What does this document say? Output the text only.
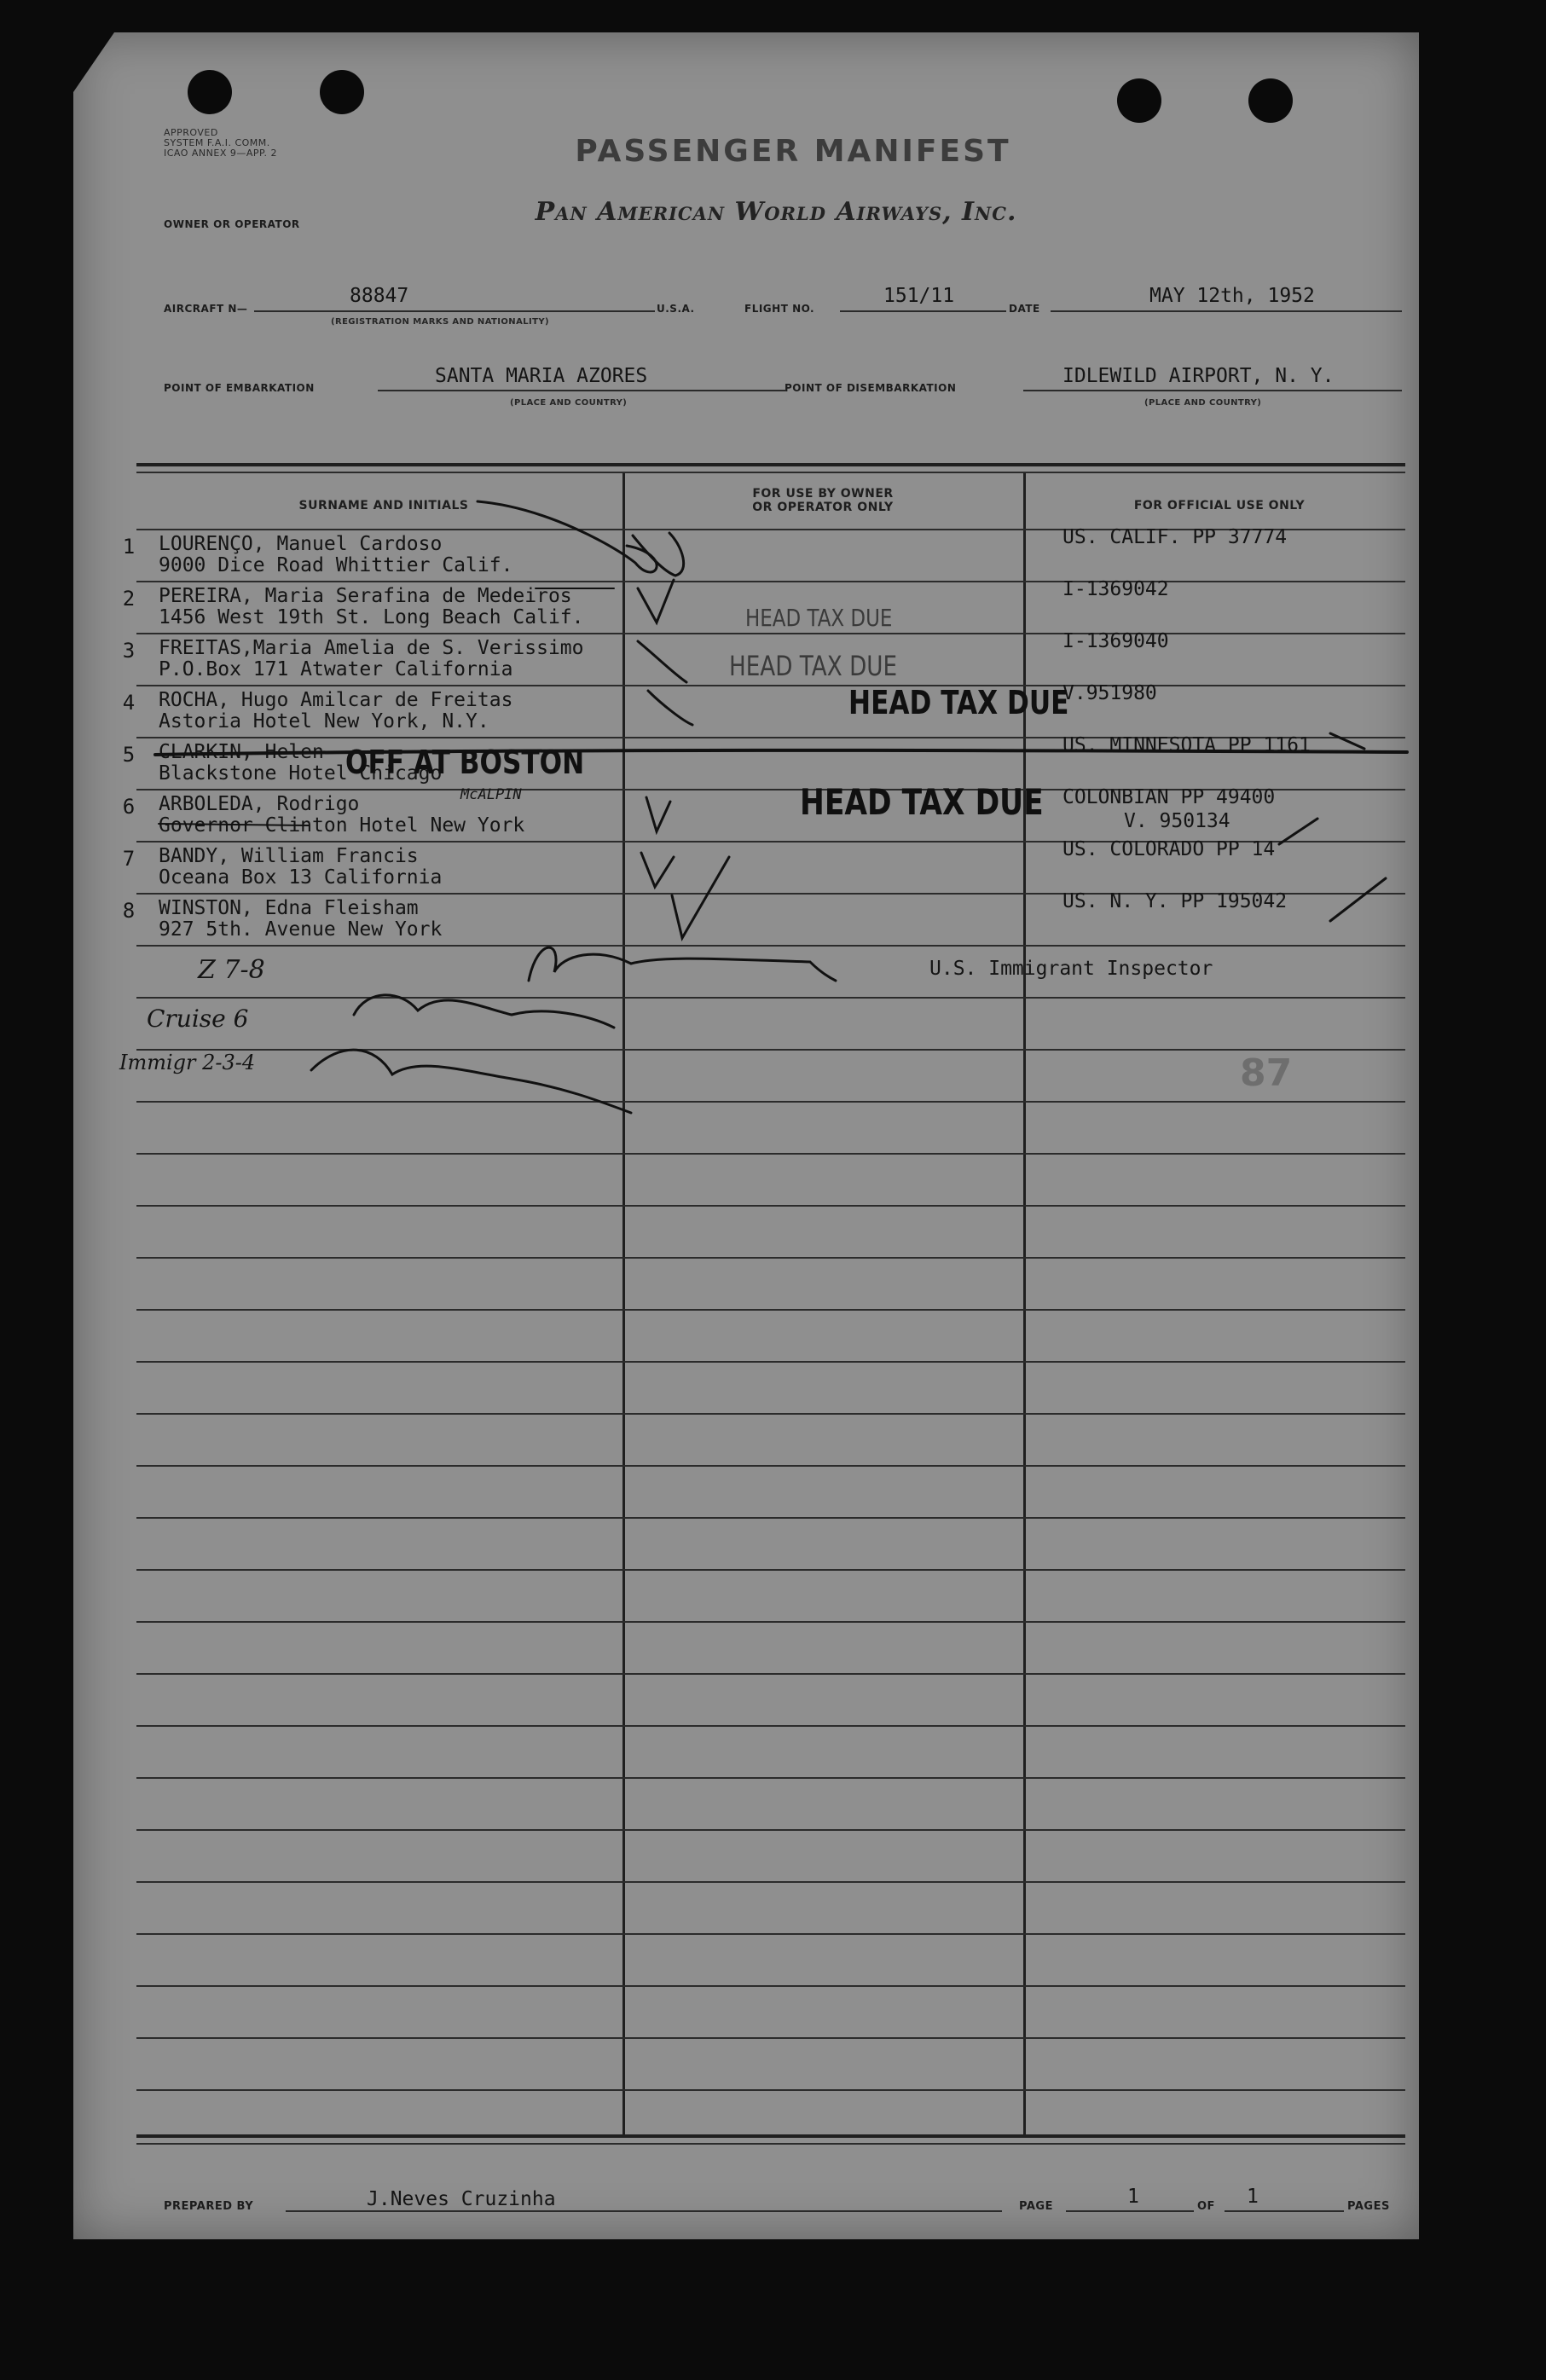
APPROVED
SYSTEM F.A.I. COMM.
ICAO ANNEX 9—APP. 2	PASSENGER MANIFEST
OWNER OR OPERATOR	Pan American World Airways, Inc.
AIRCRAFT N—
88847
(REGISTRATION MARKS AND NATIONALITY)
U.S.A.	FLIGHT NO.
151/11
DATE
MAY 12th, 1952
POINT OF EMBARKATION
SANTA MARIA AZORES
(PLACE AND COUNTRY)
POINT OF DISEMBARKATION
IDLEWILD AIRPORT, N. Y.
(PLACE AND COUNTRY)
SURNAME AND INITIALS
FOR USE BY OWNER
OR OPERATOR ONLY	FOR OFFICIAL USE ONLY
1	LOURENÇO, Manuel Cardoso
9000 Dice Road Whittier Calif.
US. CALIF. PP 37774
2	PEREIRA, Maria Serafina de Medeiros
1456 West 19th St. Long Beach Calif.
I-1369042
3	FREITAS,Maria Amelia de S. Verissimo
P.O.Box 171 Atwater California
I-1369040
4	ROCHA, Hugo Amilcar de Freitas
Astoria Hotel New York, N.Y.
V.951980
5	CLARKIN, Helen
Blackstone Hotel Chicago
US. MINNESOTA PP 1161
6	ARBOLEDA, Rodrigo
Governor Clinton Hotel New York
COLONBIAN PP 49400
V. 950134
7	BANDY, William Francis
Oceana Box 13 California
US. COLORADO PP 14
8	WINSTON, Edna Fleisham
927 5th. Avenue New York
US. N. Y. PP 195042
HEAD TAX DUE
HEAD TAX DUE
HEAD TAX DUE
HEAD TAX DUE
OFF AT BOSTON
McALPIN
U.S. Immigrant Inspector
87
Z 7-8
Cruise 6
Immigr 2-3-4
PREPARED BY	J.Neves Cruzinha	PAGE	1	OF 1	PAGES
